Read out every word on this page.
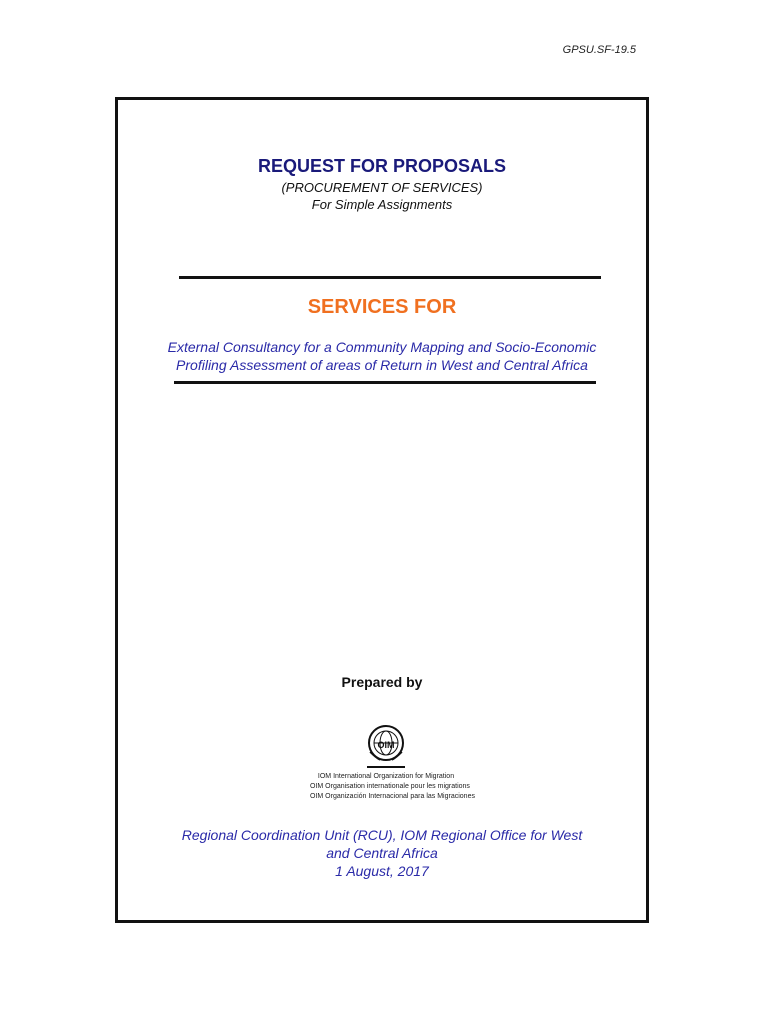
GPSU.SF-19.5
REQUEST FOR PROPOSALS
(PROCUREMENT OF SERVICES)
For Simple Assignments
SERVICES FOR
External Consultancy for a Community Mapping and Socio-Economic
Profiling Assessment of areas of Return in West and Central Africa
Prepared by
OIM
IOM International Organization for Migration
OIM Organisation internationale pour les migrations
OIM Organización Internacional para las Migraciones
Regional Coordination Unit (RCU), IOM Regional Office for West
and Central Africa
1 August, 2017
